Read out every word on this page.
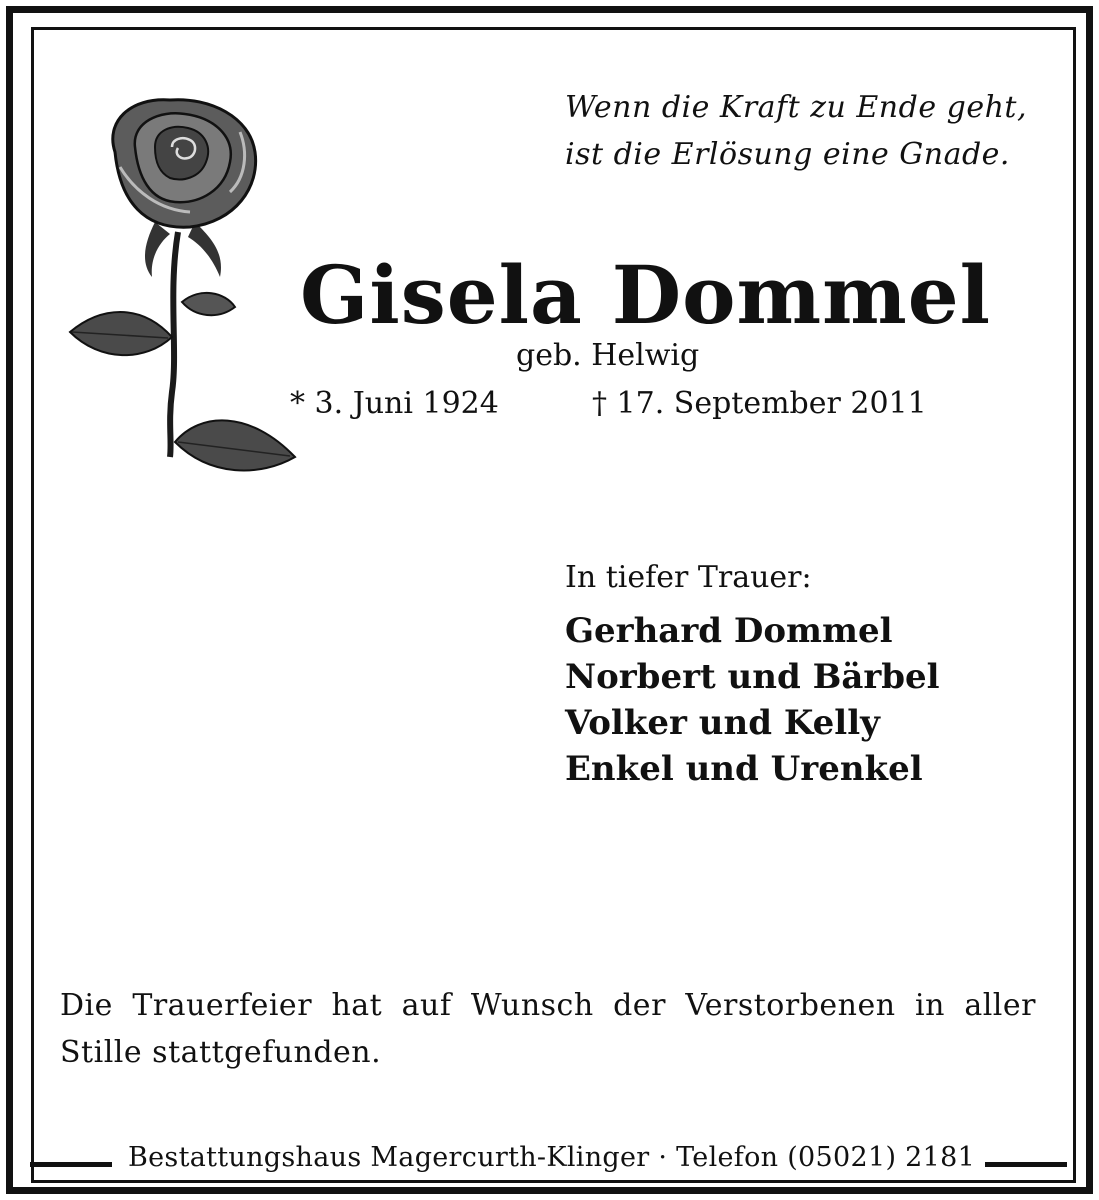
Wenn die Kraft zu Ende geht,
ist die Erlösung eine Gnade.
Gisela Dommel
geb. Helwig
* 3. Juni 1924	† 17. September 2011
In tiefer Trauer:
Gerhard Dommel
Norbert und Bärbel
Volker und Kelly
Enkel und Urenkel
Die Trauerfeier hat auf Wunsch der Verstorbenen in aller Stille stattgefunden.
Bestattungshaus Magercurth-Klinger · Telefon (05021) 2181
